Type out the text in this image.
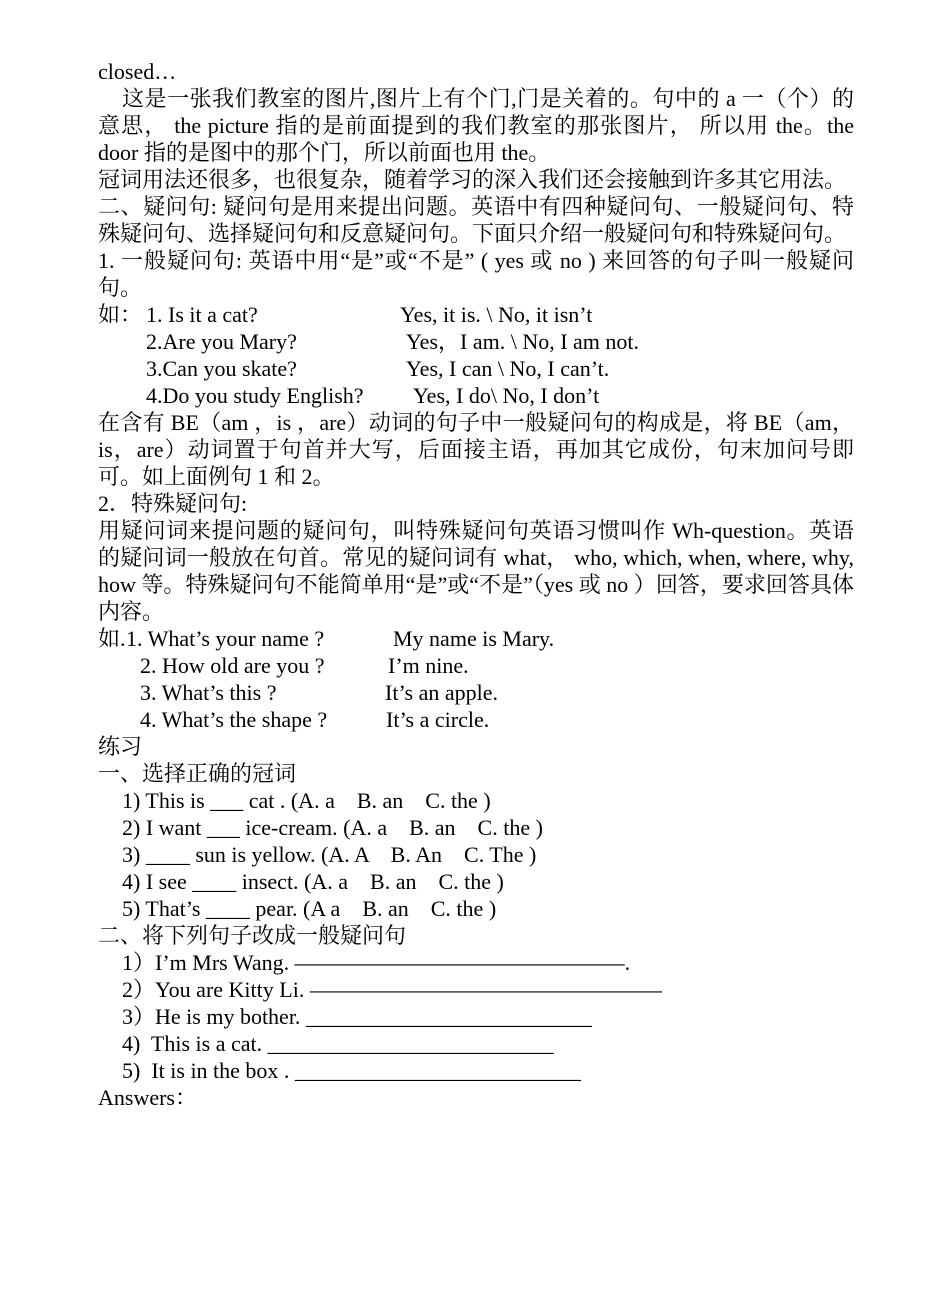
closed…
这是一张我们教室的图片,图片上有个门,门是关着的。句中的 a 一（个）的意思， the picture 指的是前面提到的我们教室的那张图片， 所以用 the。the door 指的是图中的那个门，所以前面也用 the。
冠词用法还很多，也很复杂，随着学习的深入我们还会接触到许多其它用法。
二、疑问句: 疑问句是用来提出问题。英语中有四种疑问句、一般疑问句、特殊疑问句、选择疑问句和反意疑问句。下面只介绍一般疑问句和特殊疑问句。
1. 一般疑问句: 英语中用“是”或“不是” ( yes 或 no ) 来回答的句子叫一般疑问句。
如： 1. Is it a cat?	Yes, it is. \ No, it isn’t
2.Are you Mary?	Yes，I am. \ No, I am not.
3.Can you skate?	Yes, I can \ No, I can’t.
4.Do you study English? Yes, I do\ No, I don’t
在含有 BE（am ，is ，are）动词的句子中一般疑问句的构成是，将 BE（am，is，are）动词置于句首并大写，后面接主语，再加其它成份，句末加问号即可。如上面例句 1 和 2。
2．特殊疑问句:
用疑问词来提问题的疑问句，叫特殊疑问句英语习惯叫作 Wh-question。英语的疑问词一般放在句首。常见的疑问词有 what， who, which, when, where, why, how 等。特殊疑问句不能简单用“是”或“不是”（yes 或 no ）回答，要求回答具体内容。
如. 1. What’s your name ?	My name is Mary.
2. How old are you ?	I’m nine.
3. What’s this ?	It’s an apple.
4. What’s the shape ?	It’s a circle.
练习
一、选择正确的冠词
1) This is ___ cat . (A. a    B. an    C. the )
2) I want ___ ice-cream. (A. a    B. an    C. the )
3) ____ sun is yellow. (A. A    B. An    C. The )
4) I see ____ insect. (A. a    B. an    C. the )
5) That’s ____ pear. (A a    B. an    C. the )
二、将下列句子改成一般疑问句
1）I’m Mrs Wang. ———————————————.
2）You are Kitty Li. ————————————————
3）He is my bother. __________________________
4)  This is a cat. __________________________
5)  It is in the box . __________________________
Answers：
